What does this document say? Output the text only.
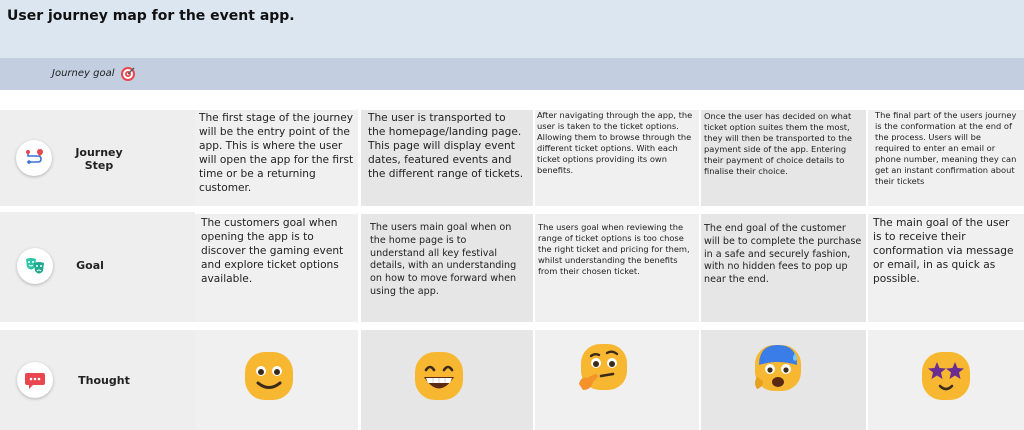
User journey map for the event app.
Journey goal
Journey Step
The first stage of the journey will be the entry point of the app. This is where the user will open the app for the first time or be a returning customer.
The user is transported to the homepage/landing page. This page will display event dates, featured events and the different range of tickets.
After navigating through the app, the user is taken to the ticket options. Allowing them to browse through the different ticket options. With each ticket options providing its own benefits.
Once the user has decided on what ticket option suites them the most, they will then be transported to the payment side of the app. Entering their payment of choice details to finalise their choice.
The final part of the users journey is the conformation at the end of the process. Users will be required to enter an email or phone number, meaning they can get an instant confirmation about their tickets
Goal
The customers goal when opening the app is to discover the gaming event and explore ticket options available.
The users main goal when on the home page is to understand all key festival details, with an understanding on how to move forward when using the app.
The users goal when reviewing the range of ticket options is too chose the right ticket and pricing for them, whilst understanding the benefits from their chosen ticket.
The end goal of the customer will be to complete the purchase in a safe and securely fashion, with no hidden fees to pop up near the end.
The main goal of the user is to receive their conformation via message or email, in as quick as possible.
Thought
